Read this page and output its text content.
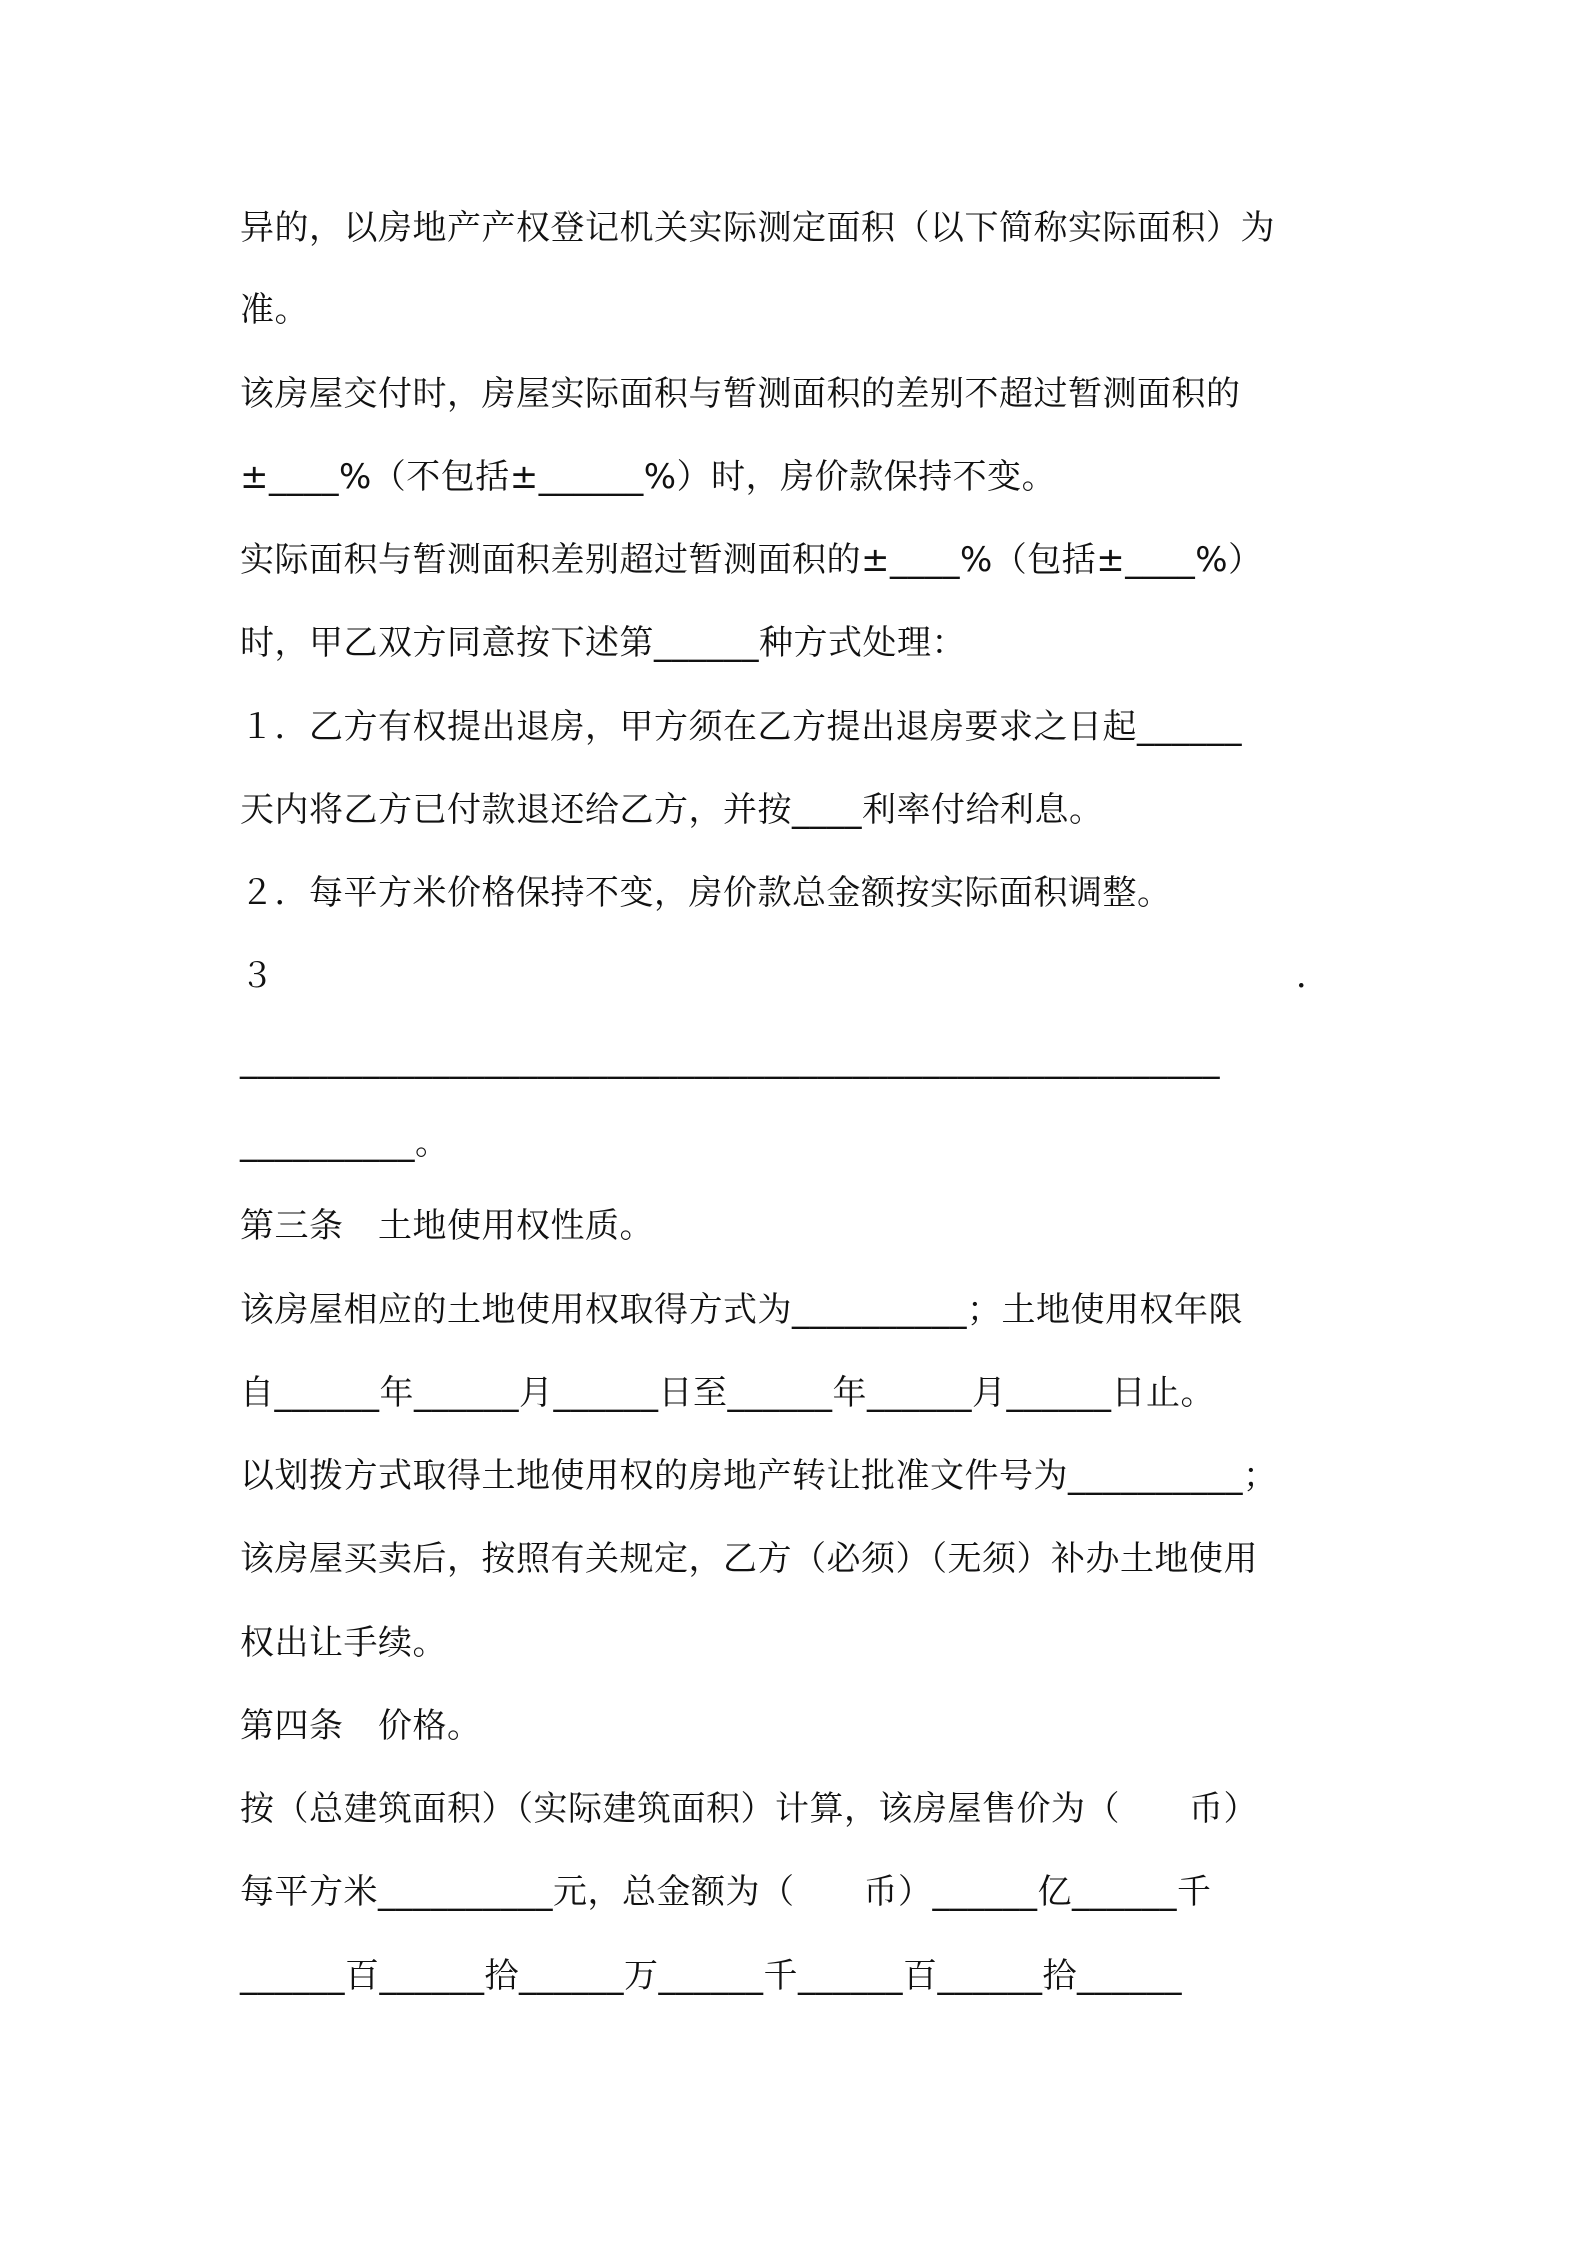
异的，以房地产产权登记机关实际测定面积（以下简称实际面积）为
准。
该房屋交付时，房屋实际面积与暂测面积的差别不超过暂测面积的
±____%（不包括±______%）时，房价款保持不变。
实际面积与暂测面积差别超过暂测面积的±____%（包括±____%）
时，甲乙双方同意按下述第______种方式处理：
１．乙方有权提出退房，甲方须在乙方提出退房要求之日起______
天内将乙方已付款退还给乙方，并按____利率付给利息。
２．每平方米价格保持不变，房价款总金额按实际面积调整。
３	．
________________________________________________________
__________。
第三条　土地使用权性质。
该房屋相应的土地使用权取得方式为__________；土地使用权年限
自______年______月______日至______年______月______日止。
以划拨方式取得土地使用权的房地产转让批准文件号为__________；
该房屋买卖后，按照有关规定，乙方（必须）（无须）补办土地使用
权出让手续。
第四条　价格。
按（总建筑面积）（实际建筑面积）计算，该房屋售价为（　　币）
每平方米__________元，总金额为（　　币）______亿______千
______百______拾______万______千______百______拾______
